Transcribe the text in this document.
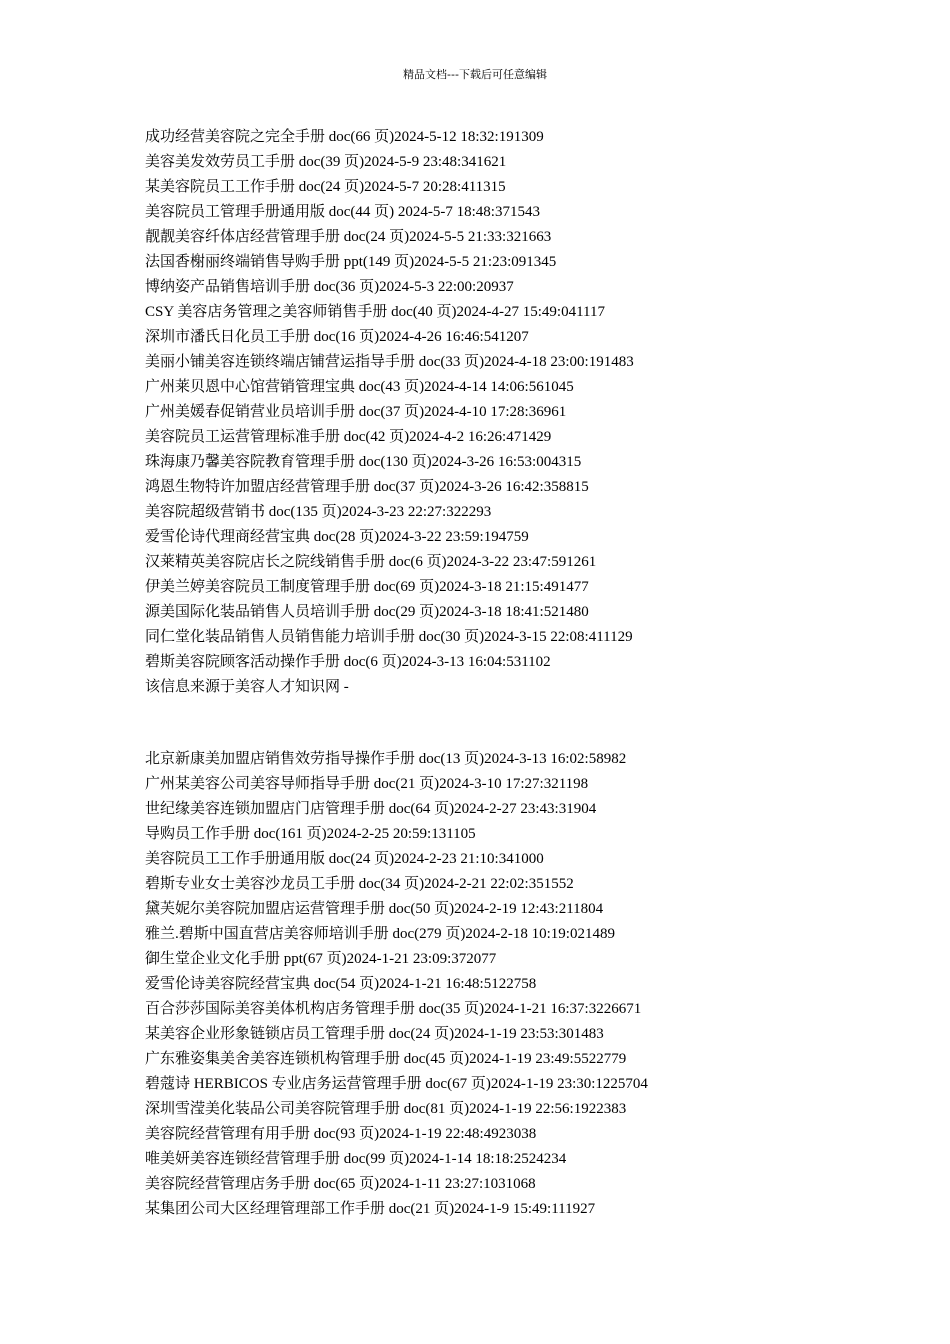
精品文档---下载后可任意编辑
成功经营美容院之完全手册 doc(66 页)2024-5-12 18:32:191309
美容美发效劳员工手册 doc(39 页)2024-5-9 23:48:341621
某美容院员工工作手册 doc(24 页)2024-5-7 20:28:411315
美容院员工管理手册通用版 doc(44 页) 2024-5-7 18:48:371543
靓靓美容纤体店经营管理手册 doc(24 页)2024-5-5 21:33:321663
法国香榭丽终端销售导购手册 ppt(149 页)2024-5-5 21:23:091345
博纳姿产品销售培训手册 doc(36 页)2024-5-3 22:00:20937
CSY 美容店务管理之美容师销售手册 doc(40 页)2024-4-27 15:49:041117
深圳市潘氏日化员工手册 doc(16 页)2024-4-26 16:46:541207
美丽小铺美容连锁终端店铺营运指导手册 doc(33 页)2024-4-18 23:00:191483
广州莱贝恩中心馆营销管理宝典 doc(43 页)2024-4-14 14:06:561045
广州美媛春促销营业员培训手册 doc(37 页)2024-4-10 17:28:36961
美容院员工运营管理标准手册 doc(42 页)2024-4-2 16:26:471429
珠海康乃馨美容院教育管理手册 doc(130 页)2024-3-26 16:53:004315
鸿恩生物特许加盟店经营管理手册 doc(37 页)2024-3-26 16:42:358815
美容院超级营销书 doc(135 页)2024-3-23 22:27:322293
爱雪伦诗代理商经营宝典 doc(28 页)2024-3-22 23:59:194759
汉莱精英美容院店长之院线销售手册 doc(6 页)2024-3-22 23:47:591261
伊美兰婷美容院员工制度管理手册 doc(69 页)2024-3-18 21:15:491477
源美国际化装品销售人员培训手册 doc(29 页)2024-3-18 18:41:521480
同仁堂化装品销售人员销售能力培训手册 doc(30 页)2024-3-15 22:08:411129
碧斯美容院顾客活动操作手册 doc(6 页)2024-3-13 16:04:531102
该信息来源于美容人才知识网 -
北京新康美加盟店销售效劳指导操作手册 doc(13 页)2024-3-13 16:02:58982
广州某美容公司美容导师指导手册 doc(21 页)2024-3-10 17:27:321198
世纪缘美容连锁加盟店门店管理手册 doc(64 页)2024-2-27 23:43:31904
导购员工作手册 doc(161 页)2024-2-25 20:59:131105
美容院员工工作手册通用版 doc(24 页)2024-2-23 21:10:341000
碧斯专业女士美容沙龙员工手册 doc(34 页)2024-2-21 22:02:351552
黛芙妮尔美容院加盟店运营管理手册 doc(50 页)2024-2-19 12:43:211804
雅兰.碧斯中国直营店美容师培训手册 doc(279 页)2024-2-18 10:19:021489
御生堂企业文化手册 ppt(67 页)2024-1-21 23:09:372077
爱雪伦诗美容院经营宝典 doc(54 页)2024-1-21 16:48:5122758
百合莎莎国际美容美体机构店务管理手册 doc(35 页)2024-1-21 16:37:3226671
某美容企业形象链锁店员工管理手册 doc(24 页)2024-1-19 23:53:301483
广东雅姿集美舍美容连锁机构管理手册 doc(45 页)2024-1-19 23:49:5522779
碧蔻诗 HERBICOS 专业店务运营管理手册 doc(67 页)2024-1-19 23:30:1225704
深圳雪滢美化装品公司美容院管理手册 doc(81 页)2024-1-19 22:56:1922383
美容院经营管理有用手册 doc(93 页)2024-1-19 22:48:4923038
唯美妍美容连锁经营管理手册 doc(99 页)2024-1-14 18:18:2524234
美容院经营管理店务手册 doc(65 页)2024-1-11 23:27:1031068
某集团公司大区经理管理部工作手册 doc(21 页)2024-1-9 15:49:111927
